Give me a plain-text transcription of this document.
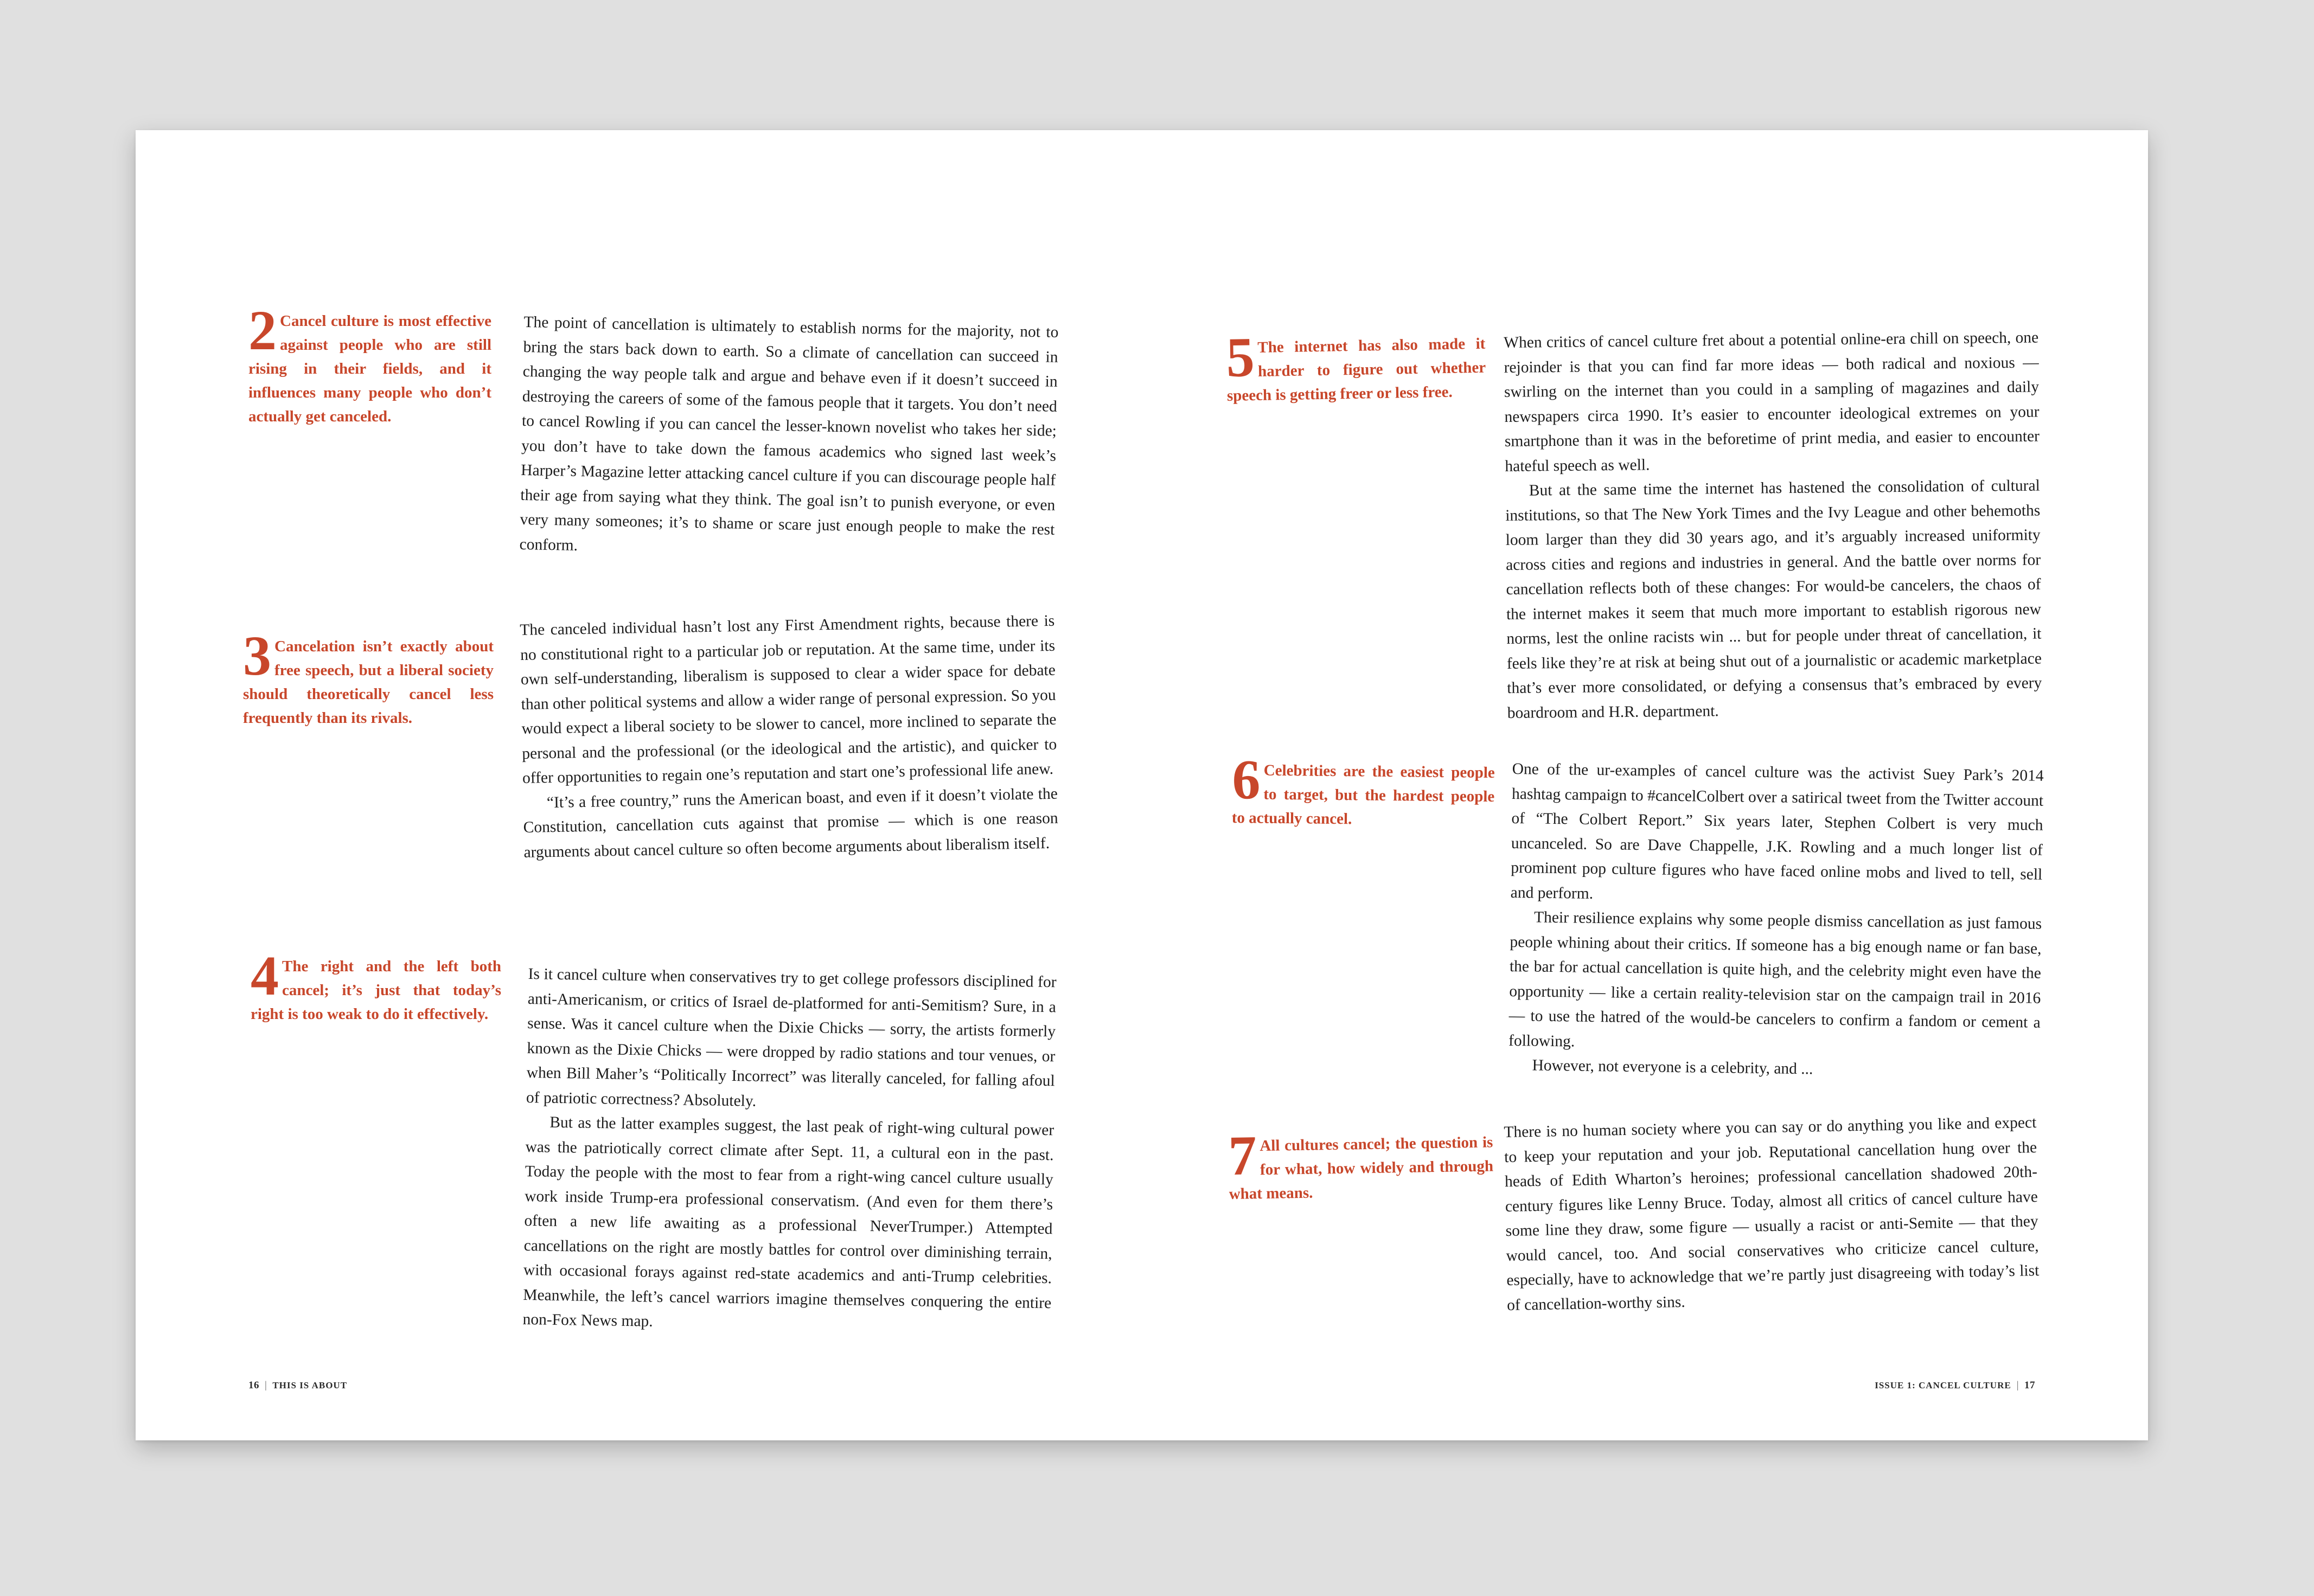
2 Cancel culture is most effective against people who are still rising in their fields, and it influences many people who don’t actually get canceled.

The point of cancellation is ultimately to establish norms for the majority, not to bring the stars back down to earth. So a climate of cancellation can succeed in changing the way people talk and argue and behave even if it doesn’t succeed in destroying the careers of some of the famous people that it targets. You don’t need to cancel Rowling if you can cancel the lesser-known novelist who takes her side; you don’t have to take down the famous academics who signed last week’s Harper’s Magazine letter attacking cancel culture if you can discourage people half their age from saying what they think. The goal isn’t to punish everyone, or even very many someones; it’s to shame or scare just enough people to make the rest conform.

3 Cancelation isn’t exactly about free speech, but a liberal society should theoretically cancel less frequently than its rivals.

The canceled individual hasn’t lost any First Amendment rights, because there is no constitutional right to a particular job or reputation. At the same time, under its own self-understanding, liberalism is supposed to clear a wider space for debate than other political systems and allow a wider range of personal expression. So you would expect a liberal society to be slower to cancel, more inclined to separate the personal and the professional (or the ideological and the artistic), and quicker to offer opportunities to regain one’s reputation and start one’s professional life anew.

“It’s a free country,” runs the American boast, and even if it doesn’t violate the Constitution, cancellation cuts against that promise — which is one reason arguments about cancel culture so often become arguments about liberalism itself.

4 The right and the left both cancel; it’s just that today’s right is too weak to do it effectively.

Is it cancel culture when conservatives try to get college professors disciplined for anti-Americanism, or critics of Israel de-platformed for anti-Semitism? Sure, in a sense. Was it cancel culture when the Dixie Chicks — sorry, the artists formerly known as the Dixie Chicks — were dropped by radio stations and tour venues, or when Bill Maher’s “Politically Incorrect” was literally canceled, for falling afoul of patriotic correctness? Absolutely.

But as the latter examples suggest, the last peak of right-wing cultural power was the patriotically correct climate after Sept. 11, a cultural eon in the past. Today the people with the most to fear from a right-wing cancel culture usually work inside Trump-era professional conservatism. (And even for them there’s often a new life awaiting as a professional NeverTrumper.) Attempted cancellations on the right are mostly battles for control over diminishing terrain, with occasional forays against red-state academics and anti-Trump celebrities. Meanwhile, the left’s cancel warriors imagine themselves conquering the entire non-Fox News map.

5 The internet has also made it harder to figure out whether speech is getting freer or less free.

When critics of cancel culture fret about a potential online-era chill on speech, one rejoinder is that you can find far more ideas — both radical and noxious — swirling on the internet than you could in a sampling of magazines and daily newspapers circa 1990. It’s easier to encounter ideological extremes on your smartphone than it was in the beforetime of print media, and easier to encounter hateful speech as well.

But at the same time the internet has hastened the consolidation of cultural institutions, so that The New York Times and the Ivy League and other behemoths loom larger than they did 30 years ago, and it’s arguably increased uniformity across cities and regions and industries in general. And the battle over norms for cancellation reflects both of these changes: For would-be cancelers, the chaos of the internet makes it seem that much more important to establish rigorous new norms, lest the online racists win ... but for people under threat of cancellation, it feels like they’re at risk at being shut out of a journalistic or academic marketplace that’s ever more consolidated, or defying a consensus that’s embraced by every boardroom and H.R. department.

6 Celebrities are the easiest people to target, but the hardest people to actually cancel.

One of the ur-examples of cancel culture was the activist Suey Park’s 2014 hashtag campaign to #cancelColbert over a satirical tweet from the Twitter account of “The Colbert Report.” Six years later, Stephen Colbert is very much uncanceled. So are Dave Chappelle, J.K. Rowling and a much longer list of prominent pop culture figures who have faced online mobs and lived to tell, sell and perform.

Their resilience explains why some people dismiss cancellation as just famous people whining about their critics. If someone has a big enough name or fan base, the bar for actual cancellation is quite high, and the celebrity might even have the opportunity — like a certain reality-television star on the campaign trail in 2016 — to use the hatred of the would-be cancelers to confirm a fandom or cement a following.

However, not everyone is a celebrity, and ...

7 All cultures cancel; the question is for what, how widely and through what means.

There is no human society where you can say or do anything you like and expect to keep your reputation and your job. Reputational cancellation hung over the heads of Edith Wharton’s heroines; professional cancellation shadowed 20th-century figures like Lenny Bruce. Today, almost all critics of cancel culture have some line they draw, some figure — usually a racist or anti-Semite — that they would cancel, too. And social conservatives who criticize cancel culture, especially, have to acknowledge that we’re partly just disagreeing with today’s list of cancellation-worthy sins.

16 | THIS IS ABOUT	ISSUE 1: CANCEL CULTURE | 17
